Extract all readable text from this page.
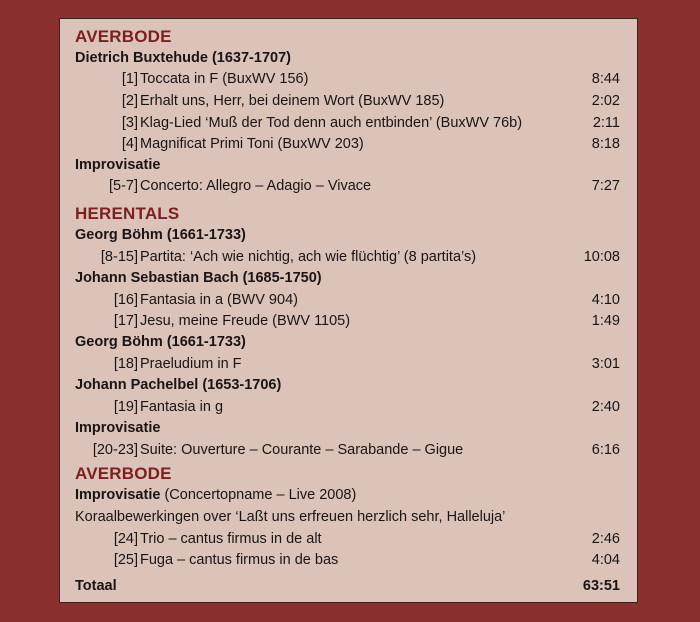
AVERBODE
Dietrich Buxtehude (1637-1707)
[1] Toccata in F (BuxWV 156)	8:44
[2] Erhalt uns, Herr, bei deinem Wort (BuxWV 185)	2:02
[3] Klag-Lied ‘Muß der Tod denn auch entbinden’ (BuxWV 76b)	2:11
[4] Magnificat Primi Toni (BuxWV 203)	8:18
Improvisatie
[5-7] Concerto: Allegro – Adagio – Vivace	7:27
HERENTALS
Georg Böhm (1661-1733)
[8-15] Partita: ‘Ach wie nichtig, ach wie flüchtig’ (8 partita’s)	10:08
Johann Sebastian Bach (1685-1750)
[16] Fantasia in a (BWV 904)	4:10
[17] Jesu, meine Freude (BWV 1105)	1:49
Georg Böhm (1661-1733)
[18] Praeludium in F	3:01
Johann Pachelbel (1653-1706)
[19] Fantasia in g	2:40
Improvisatie
[20-23] Suite: Ouverture – Courante – Sarabande – Gigue	6:16
AVERBODE
Improvisatie (Concertopname – Live 2008)
Koraalbewerkingen over ‘Laßt uns erfreuen herzlich sehr, Halleluja’
[24] Trio – cantus firmus in de alt	2:46
[25] Fuga – cantus firmus in de bas	4:04
Totaal	63:51
